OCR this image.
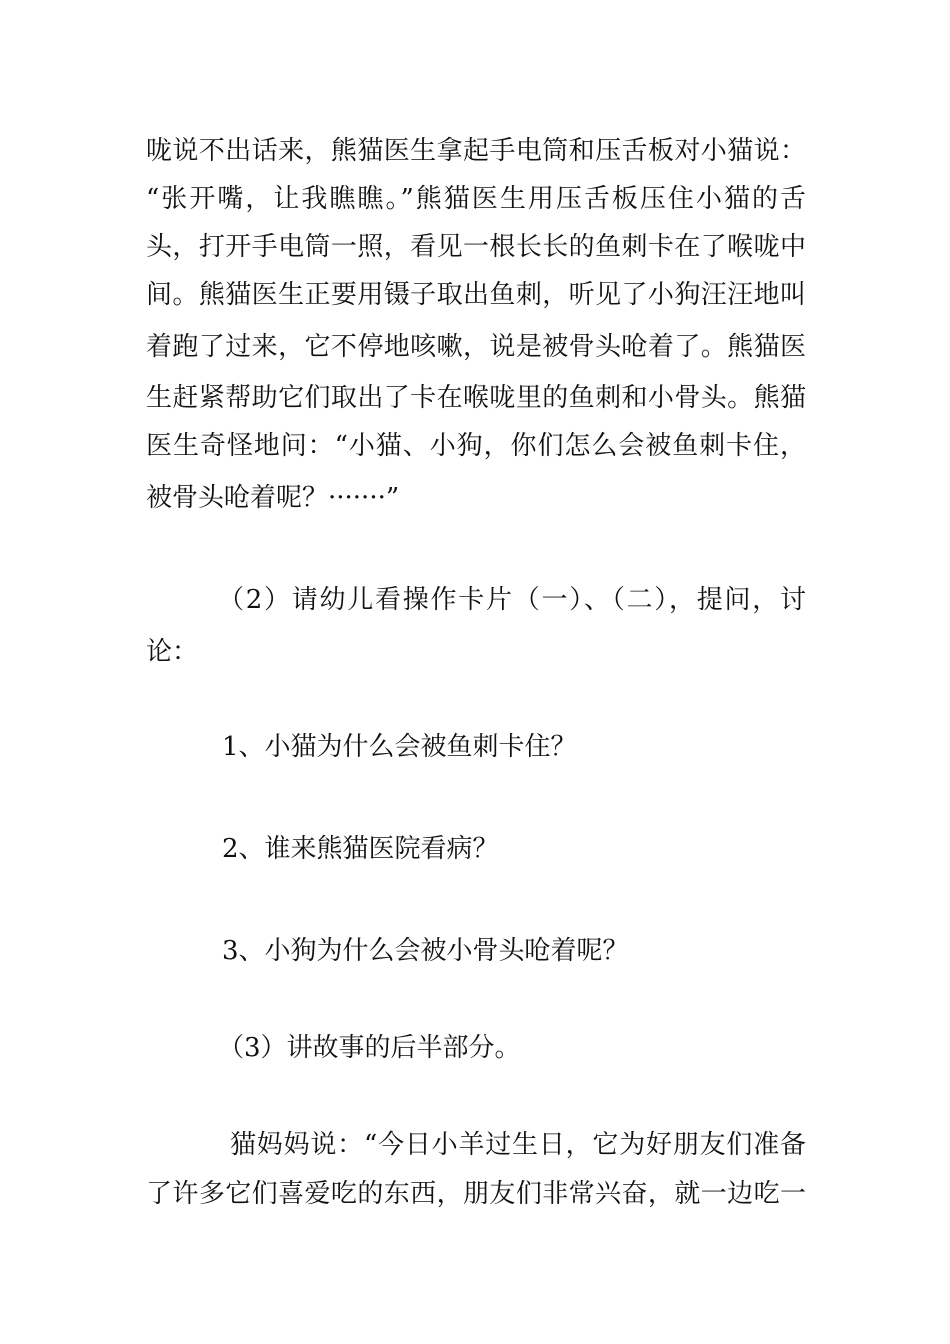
咙说不出话来，熊猫医生拿起手电筒和压舌板对小猫说：
“张开嘴，让我瞧瞧。”熊猫医生用压舌板压住小猫的舌
头，打开手电筒一照，看见一根长长的鱼刺卡在了喉咙中
间。熊猫医生正要用镊子取出鱼刺，听见了小狗汪汪地叫
着跑了过来，它不停地咳嗽，说是被骨头呛着了。熊猫医
生赶紧帮助它们取出了卡在喉咙里的鱼刺和小骨头。熊猫
医生奇怪地问：“小猫、小狗，你们怎么会被鱼刺卡住，
被骨头呛着呢？·······”
（2）请幼儿看操作卡片（一）、（二），提问，讨
论：
1、小猫为什么会被鱼刺卡住？
2、谁来熊猫医院看病？
3、小狗为什么会被小骨头呛着呢？
（3）讲故事的后半部分。
猫妈妈说：“今日小羊过生日，它为好朋友们准备
了许多它们喜爱吃的东西，朋友们非常兴奋，就一边吃一
